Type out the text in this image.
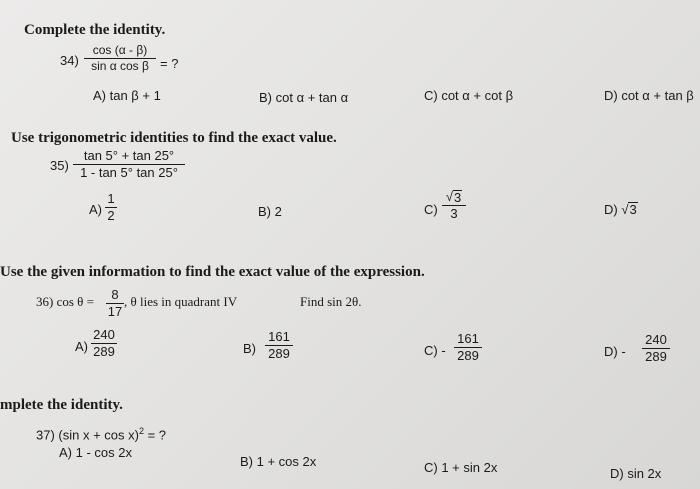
Complete the identity.
34)
cos (α - β)
sin α cos β = ?
A) tan β + 1	B) cot α + tan α	C) cot α + cot β	D) cot α + tan β
Use trigonometric identities to find the exact value.
35)
tan 5° + tan 25°
1 - tan 5° tan 25°
A)
1
2	B) 2	C)
√ 3
3	D) √ 3
Use the given information to find the exact value of the expression.
36) cos θ = 8
17
, θ lies in quadrant IV	Find sin 2θ.
A)
240
289	B)
161
289	C) -
161
289	D) -
240
289
mplete the identity.
37) (sin x + cos x)$^2$ = ?
A) 1 - cos 2x
B) 1 + cos 2x	C) 1 + sin 2x	D) sin 2x
